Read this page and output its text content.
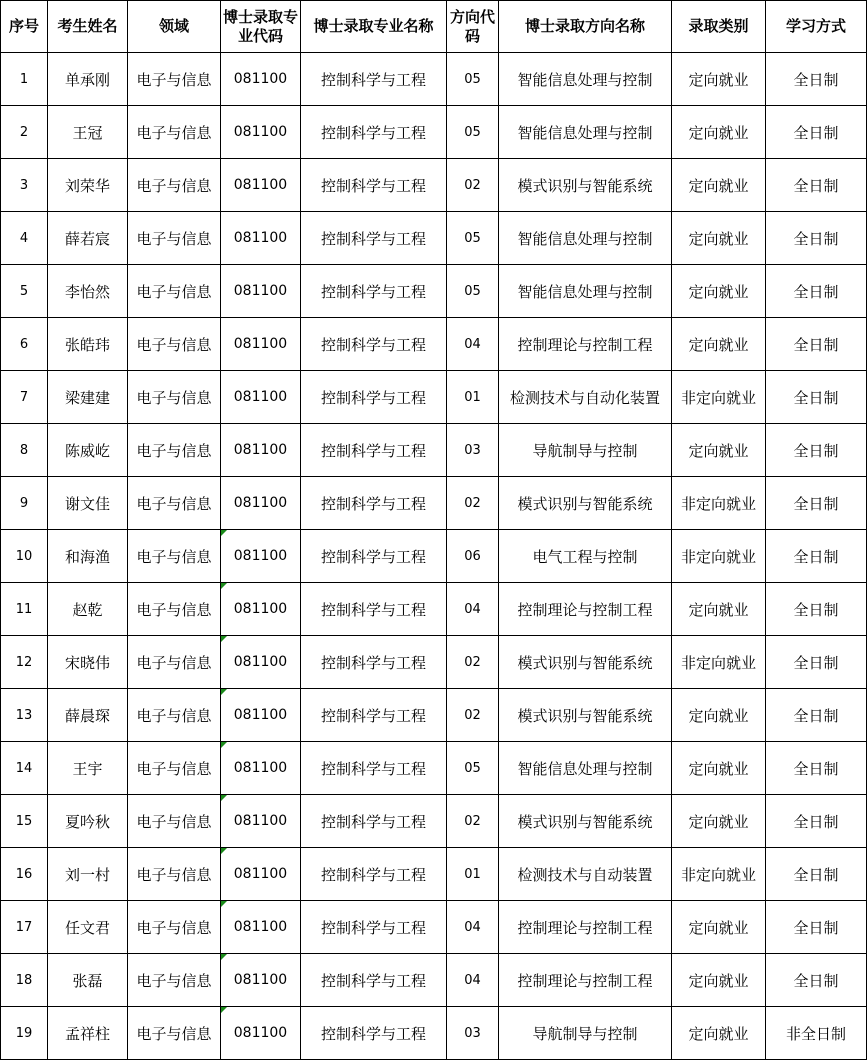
序号	考生姓名	领域	博士录取专业代码	博士录取专业名称	方向代码	博士录取方向名称	录取类别	学习方式
1	单承刚	电子与信息	081100	控制科学与工程	05	智能信息处理与控制	定向就业	全日制
2	王冠	电子与信息	081100	控制科学与工程	05	智能信息处理与控制	定向就业	全日制
3	刘荣华	电子与信息	081100	控制科学与工程	02	模式识别与智能系统	定向就业	全日制
4	薛若宸	电子与信息	081100	控制科学与工程	05	智能信息处理与控制	定向就业	全日制
5	李怡然	电子与信息	081100	控制科学与工程	05	智能信息处理与控制	定向就业	全日制
6	张皓玮	电子与信息	081100	控制科学与工程	04	控制理论与控制工程	定向就业	全日制
7	梁建建	电子与信息	081100	控制科学与工程	01	检测技术与自动化装置	非定向就业	全日制
8	陈威屹	电子与信息	081100	控制科学与工程	03	导航制导与控制	定向就业	全日制
9	谢文佳	电子与信息	081100	控制科学与工程	02	模式识别与智能系统	非定向就业	全日制
10	和海渔	电子与信息	081100	控制科学与工程	06	电气工程与控制	非定向就业	全日制
11	赵乾	电子与信息	081100	控制科学与工程	04	控制理论与控制工程	定向就业	全日制
12	宋晓伟	电子与信息	081100	控制科学与工程	02	模式识别与智能系统	非定向就业	全日制
13	薛晨琛	电子与信息	081100	控制科学与工程	02	模式识别与智能系统	定向就业	全日制
14	王宇	电子与信息	081100	控制科学与工程	05	智能信息处理与控制	定向就业	全日制
15	夏吟秋	电子与信息	081100	控制科学与工程	02	模式识别与智能系统	定向就业	全日制
16	刘一村	电子与信息	081100	控制科学与工程	01	检测技术与自动装置	非定向就业	全日制
17	任文君	电子与信息	081100	控制科学与工程	04	控制理论与控制工程	定向就业	全日制
18	张磊	电子与信息	081100	控制科学与工程	04	控制理论与控制工程	定向就业	全日制
19	孟祥柱	电子与信息	081100	控制科学与工程	03	导航制导与控制	定向就业	非全日制
